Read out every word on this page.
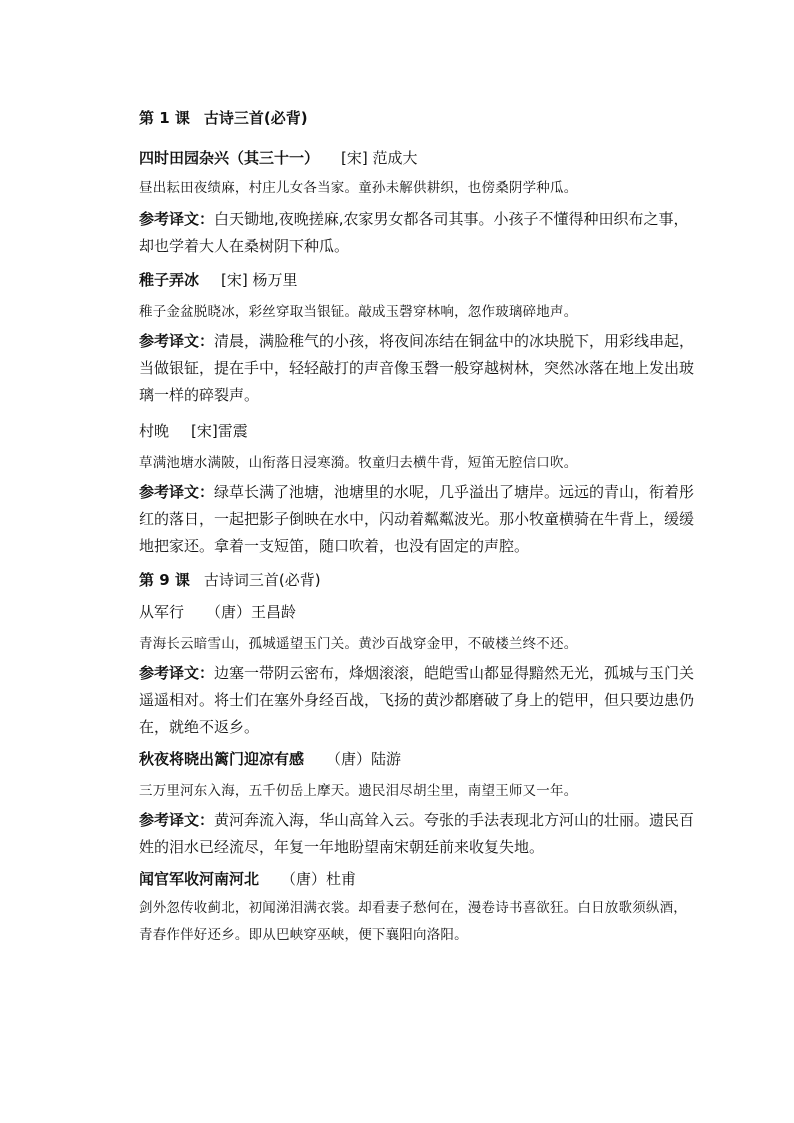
第 1 课 古诗三首(必背)

四时田园杂兴（其三十一） [宋] 范成大

昼出耘田夜绩麻，村庄儿女各当家。童孙未解供耕织，也傍桑阴学种瓜。

参考译文：白天锄地,夜晚搓麻,农家男女都各司其事。小孩子不懂得种田织布之事，却也学着大人在桑树阴下种瓜。

稚子弄冰 [宋] 杨万里

稚子金盆脱晓冰，彩丝穿取当银钲。敲成玉磬穿林响，忽作玻璃碎地声。

参考译文：清晨，满脸稚气的小孩，将夜间冻结在铜盆中的冰块脱下，用彩线串起，当做银钲，提在手中，轻轻敲打的声音像玉磬一般穿越树林，突然冰落在地上发出玻璃一样的碎裂声。

村晚 [宋]雷震

草满池塘水满陂，山衔落日浸寒漪。牧童归去横牛背，短笛无腔信口吹。

参考译文：绿草长满了池塘，池塘里的水呢，几乎溢出了塘岸。远远的青山，衔着彤红的落日，一起把影子倒映在水中，闪动着粼粼波光。那小牧童横骑在牛背上，缓缓地把家还。拿着一支短笛，随口吹着，也没有固定的声腔。

第 9 课 古诗词三首(必背)

从军行 （唐）王昌龄

青海长云暗雪山，孤城遥望玉门关。黄沙百战穿金甲，不破楼兰终不还。

参考译文：边塞一带阴云密布，烽烟滚滚，皑皑雪山都显得黯然无光，孤城与玉门关遥遥相对。将士们在塞外身经百战，飞扬的黄沙都磨破了身上的铠甲，但只要边患仍在，就绝不返乡。

秋夜将晓出篱门迎凉有感 （唐）陆游

三万里河东入海，五千仞岳上摩天。遗民泪尽胡尘里，南望王师又一年。

参考译文：黄河奔流入海，华山高耸入云。夸张的手法表现北方河山的壮丽。遗民百姓的泪水已经流尽，年复一年地盼望南宋朝廷前来收复失地。

闻官军收河南河北 （唐）杜甫

剑外忽传收蓟北，初闻涕泪满衣裳。却看妻子愁何在，漫卷诗书喜欲狂。白日放歌须纵酒，青春作伴好还乡。即从巴峡穿巫峡，便下襄阳向洛阳。
